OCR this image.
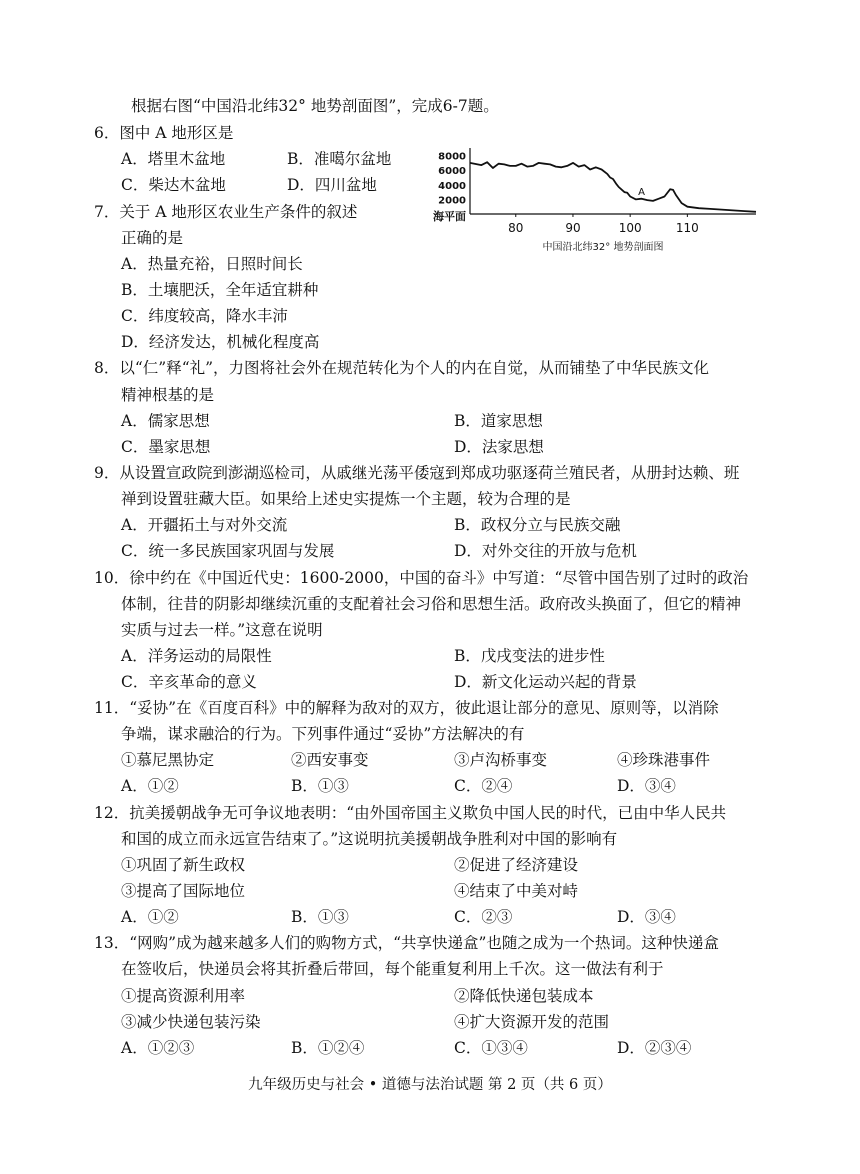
根据右图“中国沿北纬32° 地势剖面图”，完成6-7题。
6．图中 A 地形区是
A．塔里木盆地	B．准噶尔盆地
C．柴达木盆地	D．四川盆地
7．关于 A 地形区农业生产条件的叙述
正确的是
A．热量充裕，日照时间长
B．土壤肥沃，全年适宜耕种
C．纬度较高，降水丰沛
D．经济发达，机械化程度高
8000
6000
4000
2000
海平面
80	90	100	110
A
中国沿北纬32° 地势剖面图
8．以“仁”释“礼”，力图将社会外在规范转化为个人的内在自觉，从而铺垫了中华民族文化
精神根基的是
A．儒家思想	B．道家思想
C．墨家思想	D．法家思想
9．从设置宣政院到澎湖巡检司，从戚继光荡平倭寇到郑成功驱逐荷兰殖民者，从册封达赖、班
禅到设置驻藏大臣。如果给上述史实提炼一个主题，较为合理的是
A．开疆拓土与对外交流	B．政权分立与民族交融
C．统一多民族国家巩固与发展	D．对外交往的开放与危机
10．徐中约在《中国近代史：1600-2000，中国的奋斗》中写道：“尽管中国告别了过时的政治
体制，往昔的阴影却继续沉重的支配着社会习俗和思想生活。政府改头换面了，但它的精神
实质与过去一样。”这意在说明
A．洋务运动的局限性	B．戊戌变法的进步性
C．辛亥革命的意义	D．新文化运动兴起的背景
11．“妥协”在《百度百科》中的解释为敌对的双方，彼此退让部分的意见、原则等，以消除
争端，谋求融洽的行为。下列事件通过“妥协”方法解决的有
①慕尼黑协定	②西安事变	③卢沟桥事变	④珍珠港事件
A．①②	B．①③	C．②④	D．③④
12．抗美援朝战争无可争议地表明：“由外国帝国主义欺负中国人民的时代，已由中华人民共
和国的成立而永远宣告结束了。”这说明抗美援朝战争胜利对中国的影响有
①巩固了新生政权	②促进了经济建设
③提高了国际地位	④结束了中美对峙
A．①②	B．①③	C．②③	D．③④
13．“网购”成为越来越多人们的购物方式，“共享快递盒”也随之成为一个热词。这种快递盒
在签收后，快递员会将其折叠后带回，每个能重复利用上千次。这一做法有利于
①提高资源利用率	②降低快递包装成本
③减少快递包装污染	④扩大资源开发的范围
A．①②③	B．①②④	C．①③④	D．②③④
九年级历史与社会 • 道德与法治试题 第 2 页（共 6 页）
